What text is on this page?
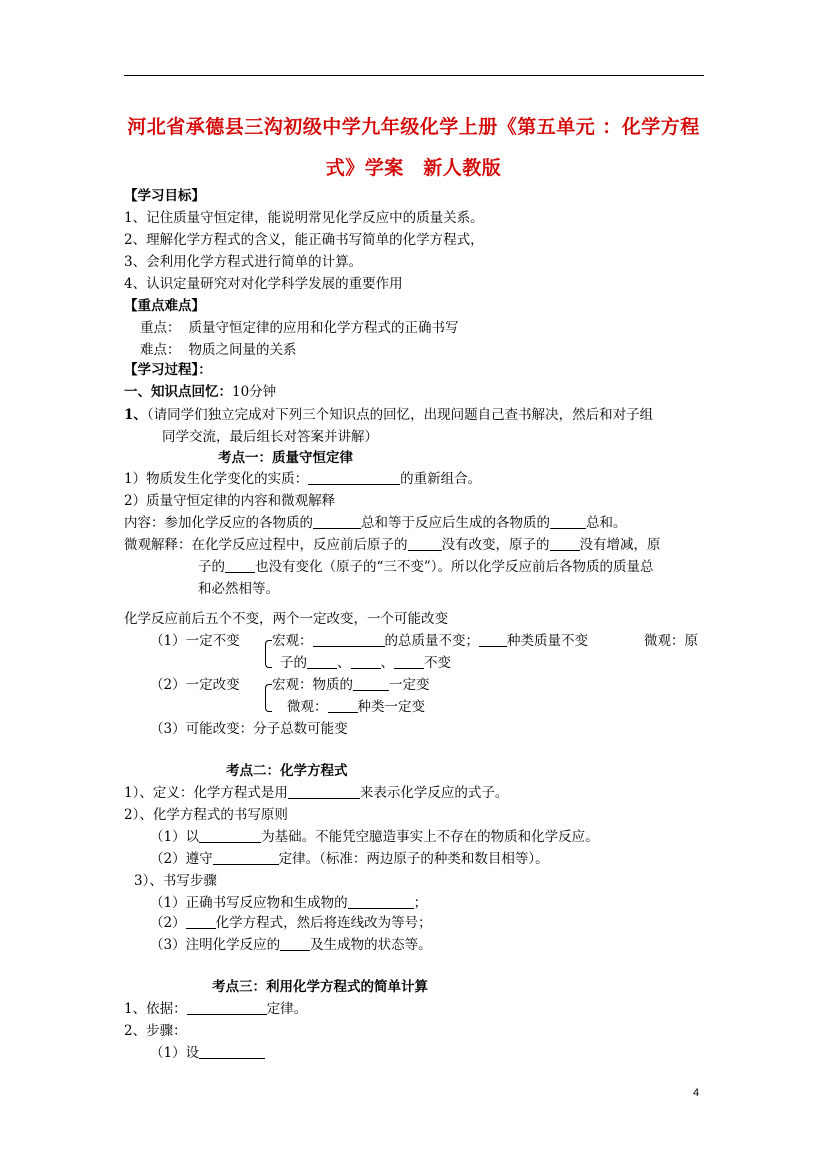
河北省承德县三沟初级中学九年级化学上册《第五单元 ：化学方程
式》学案　新人教版
【学习目标】
1、记住质量守恒定律，能说明常见化学反应中的质量关系。
2、理解化学方程式的含义，能正确书写简单的化学方程式，
3、会利用化学方程式进行简单的计算。
4、认识定量研究对对化学科学发展的重要作用
【重点难点】
重点： 质量守恒定律的应用和化学方程式的正确书写
难点： 物质之间量的关系
【学习过程】：
一、知识点回忆：10分钟
1、（请同学们独立完成对下列三个知识点的回忆，出现问题自己查书解决，然后和对子组
同学交流，最后组长对答案并讲解）
考点一：质量守恒定律
1）物质发生化学变化的实质：	的重新组合。
2）质量守恒定律的内容和微观解释
内容：参加化学反应的各物质的	总和等于反应后生成的各物质的	总和。
微观解释：在化学反应过程中，反应前后原子的	没有改变，原子的 没有增减，原
子的 也没有变化（原子的“三不变”）。所以化学反应前后各物质的质量总
和必然相等。
化学反应前后五个不变，两个一定改变，一个可能改变
（1）一定不变 宏观：	的总质量不变； 种类质量不变	微观：原
子的 、 、 不变
（2）一定改变 宏观：物质的	一定变
微观： 种类一定变
（3）可能改变：分子总数可能变
考点二：化学方程式
1）、定义：化学方程式是用	来表示化学反应的式子。
2）、化学方程式的书写原则
（1）以	为基础。不能凭空臆造事实上不存在的物质和化学反应。
（2）遵守	定律。（标准：两边原子的种类和数目相等）。
3）、书写步骤
（1）正确书写反应物和生成物的	；
（2） 化学方程式，然后将连线改为等号；
（3）注明化学反应的 及生成物的状态等。
考点三：利用化学方程式的简单计算
1、依据：	定律。
2、步骤：
（1）设
4
